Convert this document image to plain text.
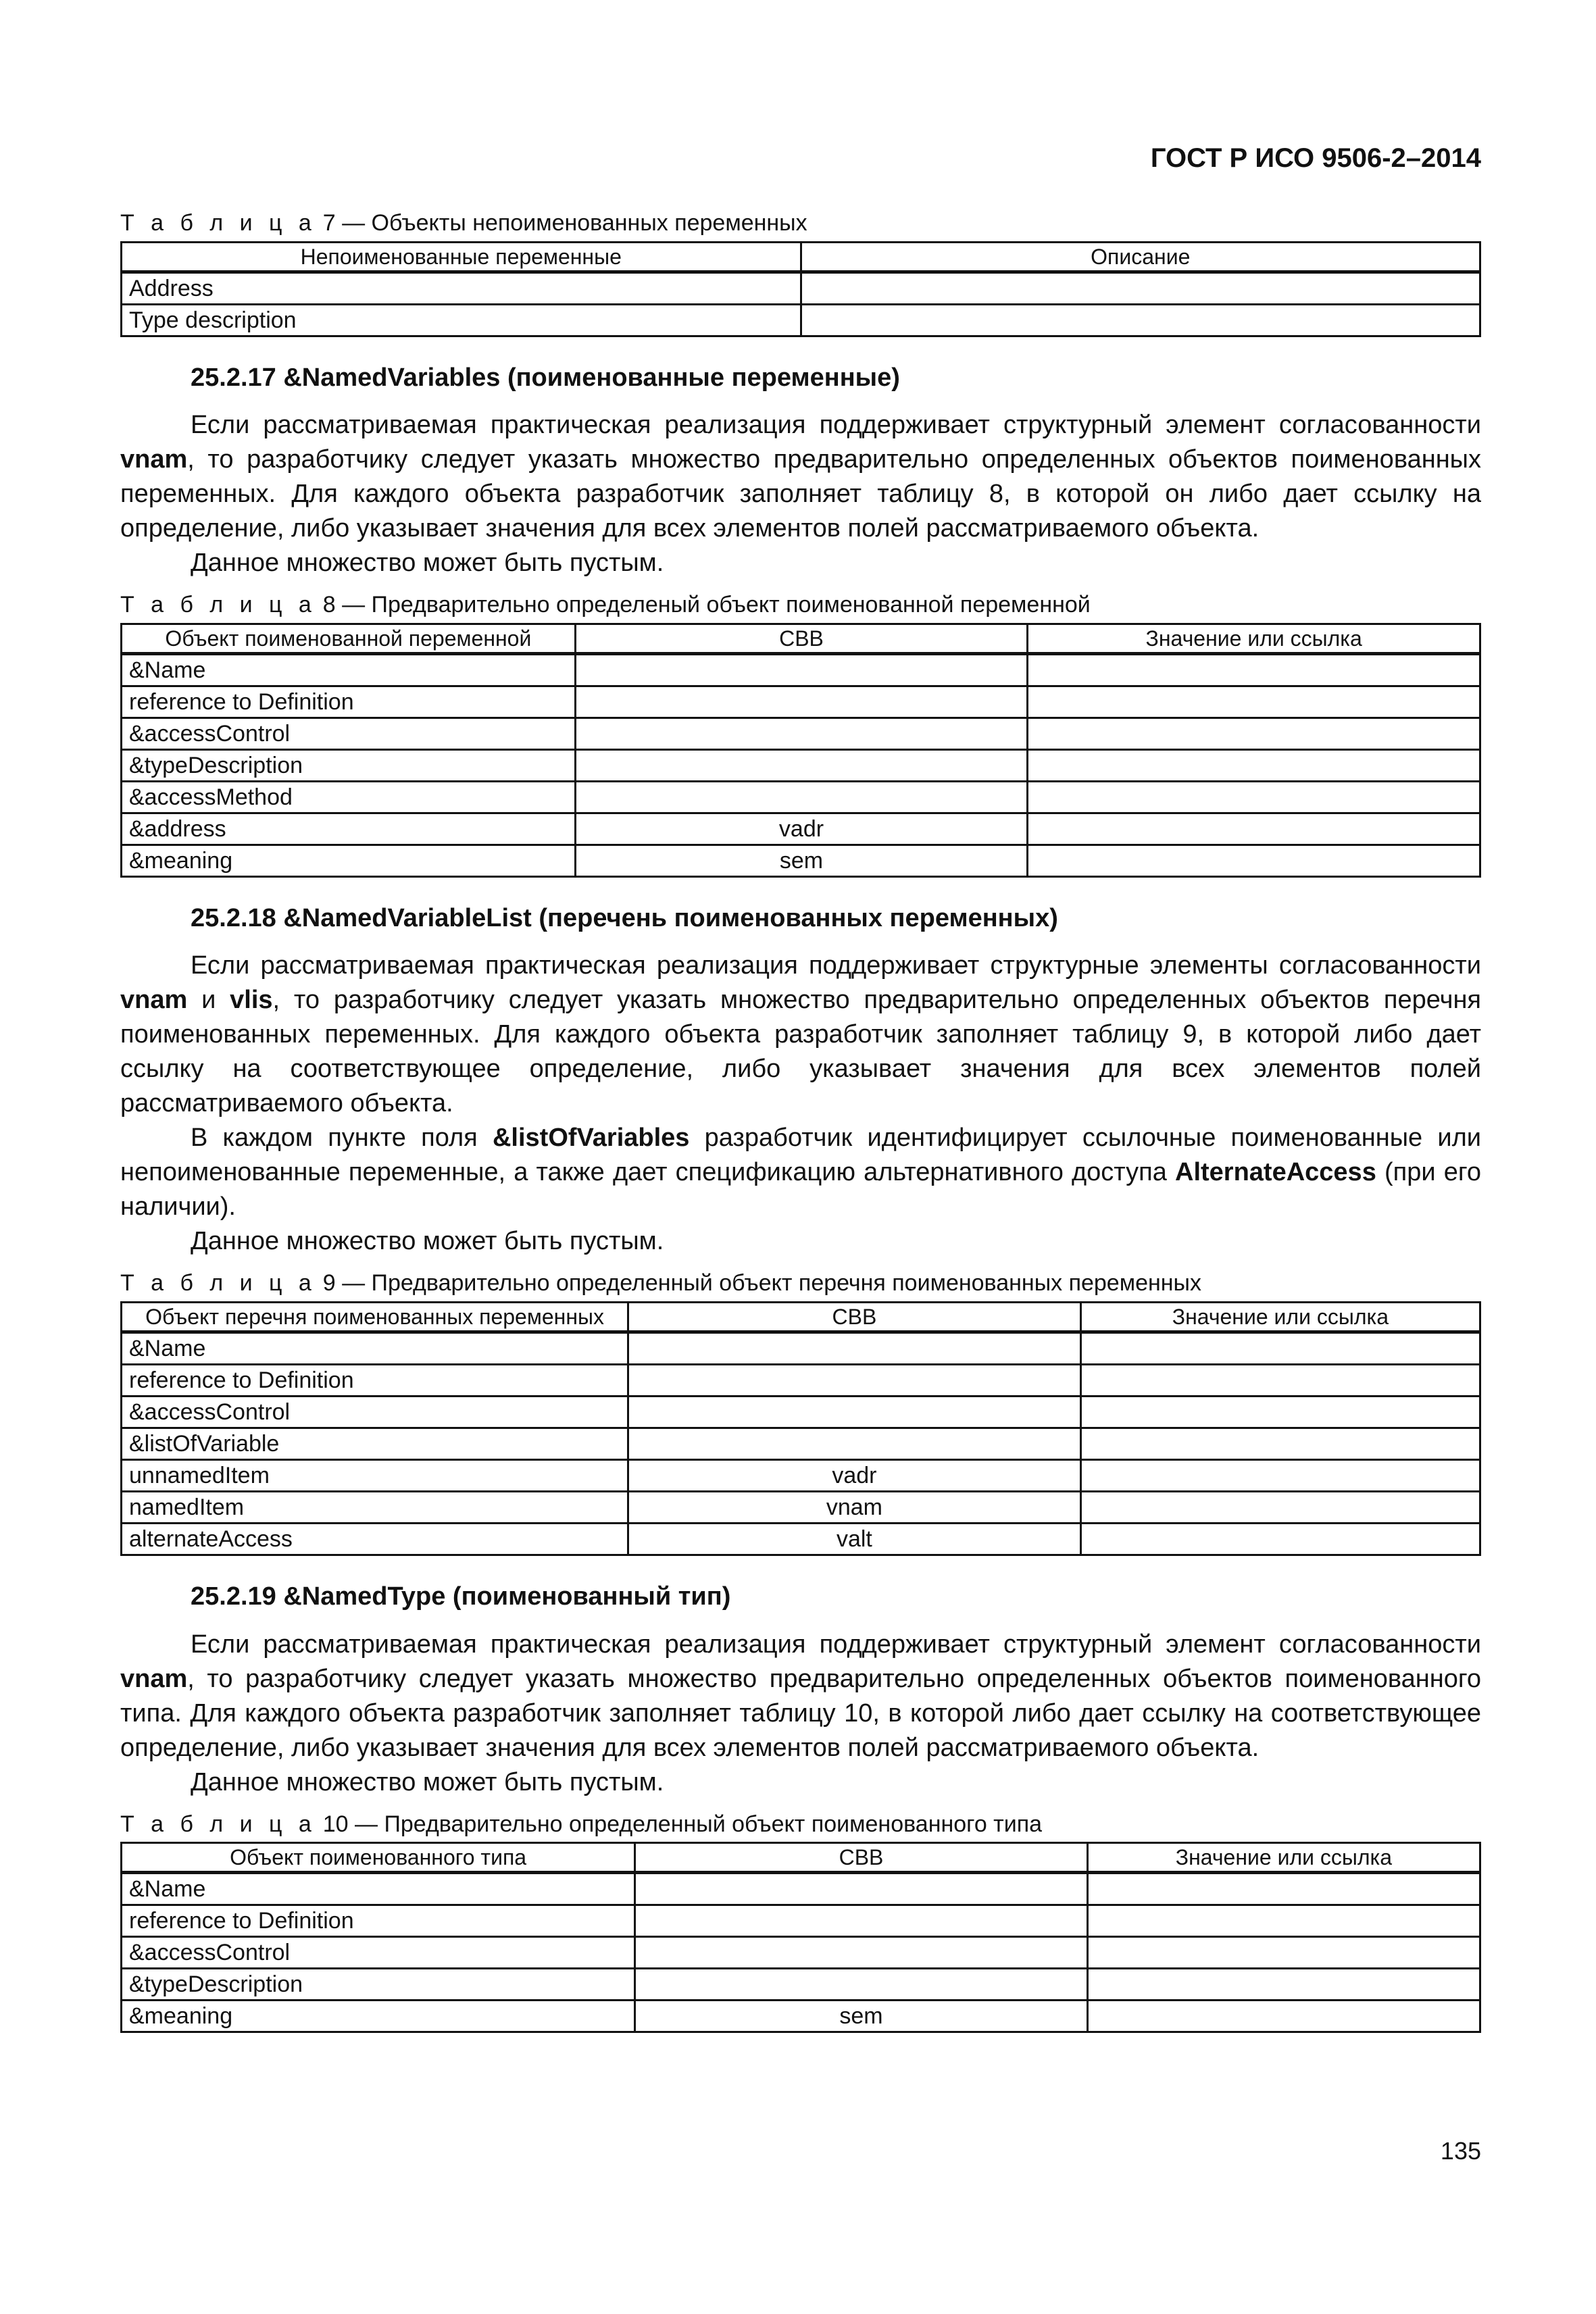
ГОСТ Р ИСО 9506-2–2014
Т а б л и ц а 7 — Объекты непоименованных переменных
Непоименованные переменные	Описание
Address	
Type description	
25.2.17 &NamedVariables (поименованные переменные)

Если рассматриваемая практическая реализация поддерживает структурный элемент согласованности vnam, то разработчику следует указать множество предварительно определенных объектов поименованных переменных. Для каждого объекта разработчик заполняет таблицу 8, в которой он либо дает ссылку на определение, либо указывает значения для всех элементов полей рассматриваемого объекта.

Данное множество может быть пустым.

Т а б л и ц а 8 — Предварительно определеный объект поименованной переменной
Объект поименованной переменной	СВВ	Значение или ссылка
&Name		
reference to Definition		
&accessControl		
&typeDescription		
&accessMethod		
&address	vadr	
&meaning	sem	
25.2.18 &NamedVariableList (перечень поименованных переменных)

Если рассматриваемая практическая реализация поддерживает структурные элементы согласованности vnam и vlis, то разработчику следует указать множество предварительно определенных объектов перечня поименованных переменных. Для каждого объекта разработчик заполняет таблицу 9, в которой либо дает ссылку на соответствующее определение, либо указывает значения для всех элементов полей рассматриваемого объекта.

В каждом пункте поля &listOfVariables разработчик идентифицирует ссылочные поименованные или непоименованные переменные, а также дает спецификацию альтернативного доступа AlternateAccess (при его наличии).

Данное множество может быть пустым.

Т а б л и ц а 9 — Предварительно определенный объект перечня поименованных переменных
Объект перечня поименованных переменных	СВВ	Значение или ссылка
&Name		
reference to Definition		
&accessControl		
&listOfVariable		
unnamedItem	vadr	
namedItem	vnam	
alternateAccess	valt	
25.2.19 &NamedType (поименованный тип)

Если рассматриваемая практическая реализация поддерживает структурный элемент согласованности vnam, то разработчику следует указать множество предварительно определенных объектов поименованного типа. Для каждого объекта разработчик заполняет таблицу 10, в которой либо дает ссылку на соответствующее определение, либо указывает значения для всех элементов полей рассматриваемого объекта.

Данное множество может быть пустым.

Т а б л и ц а 10 — Предварительно определенный объект поименованного типа
Объект поименованного типа	СВВ	Значение или ссылка
&Name		
reference to Definition		
&accessControl		
&typeDescription		
&meaning	sem	
135
